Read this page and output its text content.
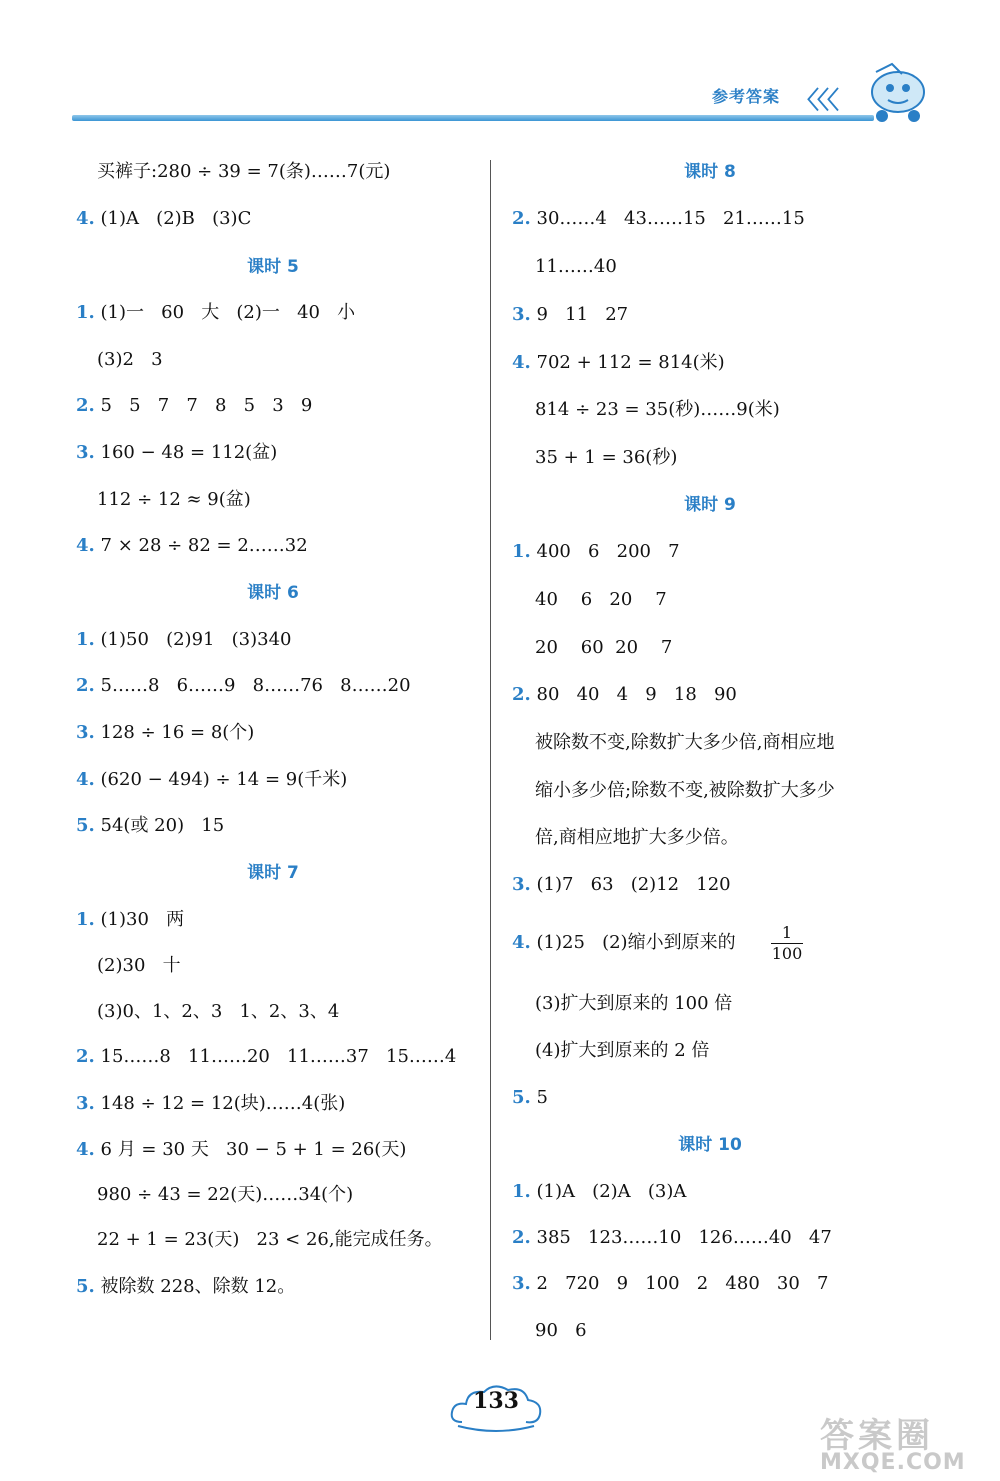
参考答案 〈〈〈
买裤子:280 ÷ 39 = 7(条)……7(元)
4. (1)A   (2)B   (3)C
课时 5
1. (1)一   60   大   (2)一   40   小
(3)2   3
2. 5   5   7   7   8   5   3   9
3. 160 − 48 = 112(盆)
112 ÷ 12 ≈ 9(盆)
4. 7 × 28 ÷ 82 = 2……32
课时 6
1. (1)50   (2)91   (3)340
2. 5……8   6……9   8……76   8……20
3. 128 ÷ 16 = 8(个)
4. (620 − 494) ÷ 14 = 9(千米)
5. 54(或 20)   15
课时 7
1. (1)30   两
(2)30   十
(3)0、1、2、3   1、2、3、4
2. 15……8   11……20   11……37   15……4
3. 148 ÷ 12 = 12(块)……4(张)
4. 6 月 = 30 天   30 − 5 + 1 = 26(天)
980 ÷ 43 = 22(天)……34(个)
22 + 1 = 23(天)   23 < 26,能完成任务。
5. 被除数 228、除数 12。
课时 8
2. 30……4   43……15   21……15
11……40
3. 9   11   27
4. 702 + 112 = 814(米)
814 ÷ 23 = 35(秒)……9(米)
35 + 1 = 36(秒)
课时 9
1. 400   6   200   7
40    6   20    7
20    60  20    7
2. 80   40   4   9   18   90
被除数不变,除数扩大多少倍,商相应地
缩小多少倍;除数不变,被除数扩大多少
倍,商相应地扩大多少倍。
3. (1)7   63   (2)12   120
4. (1)25   (2)缩小到原来的	1
100
(3)扩大到原来的 100 倍
(4)扩大到原来的 2 倍
5. 5
课时 10
1. (1)A   (2)A   (3)A
2. 385   123……10   126……40   47
3. 2   720   9   100   2   480   30   7
90   6
133
答案圈
MXQE.COM
